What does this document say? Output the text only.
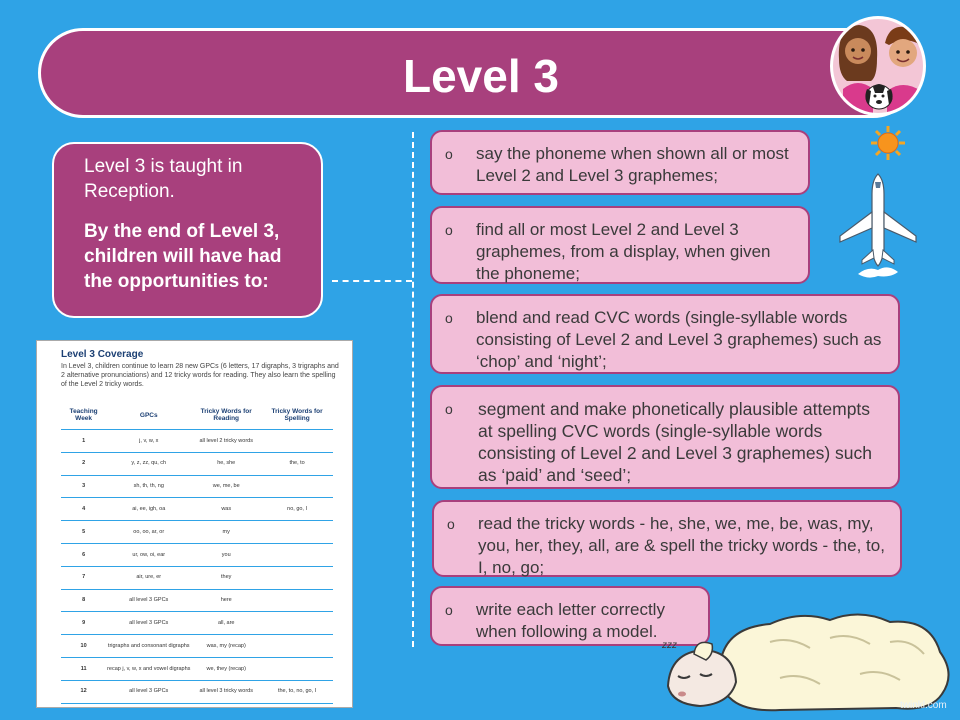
Level 3

Level 3 is taught in Reception.

By the end of Level 3, children will have had the opportunities to:

o say the phoneme when shown all or most Level 2 and Level 3 graphemes;
o find all or most Level 2 and Level 3 graphemes, from a display, when given the phoneme;
o blend and read CVC words (single-syllable words consisting of Level 2 and Level 3 graphemes) such as ‘chop’ and ‘night’;
o segment and make phonetically plausible attempts at spelling CVC words (single-syllable words consisting of Level 2 and Level 3 graphemes) such as ‘paid’ and ‘seed’;
o read the tricky words - he, she, we, me, be, was, my, you, her, they, all, are & spell the tricky words - the, to, I, no, go;
o write each letter correctly when following a model.
Level 3 Coverage
In Level 3, children continue to learn 28 new GPCs (6 letters, 17 digraphs, 3 trigraphs and 2 alternative pronunciations) and 12 tricky words for reading. They also learn the spelling of the Level 2 tricky words.
Teaching Week	GPCs	Tricky Words for Reading	Tricky Words for Spelling
1	j, v, w, x	all level 2 tricky words	
2	y, z, zz, qu, ch	he, she	the, to
3	sh, th, th, ng	we, me, be	
4	ai, ee, igh, oa	was	no, go, I
5	oo, oo, ar, or	my	
6	ur, ow, oi, ear	you	
7	air, ure, er	they	
8	all level 3 GPCs	here	
9	all level 3 GPCs	all, are	
10	trigraphs and consonant digraphs	was, my (recap)	
11	recap j, v, w, x and vowel digraphs	we, they (recap)	
12	all level 3 GPCs	all level 3 tricky words	the, to, no, go, I
zzz
twinkl.com
